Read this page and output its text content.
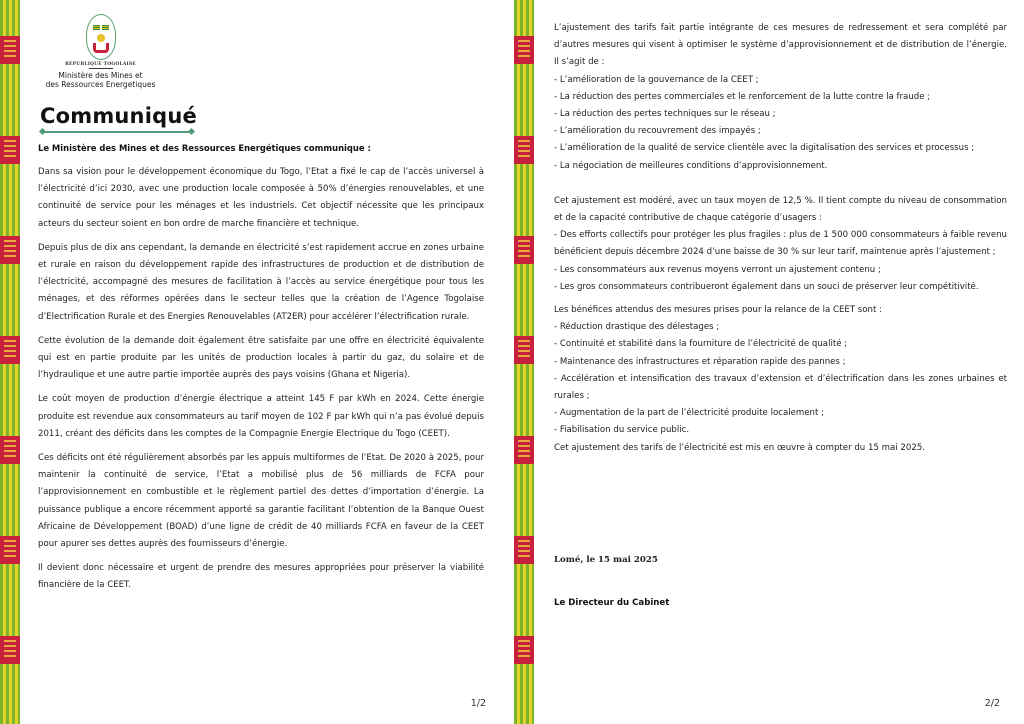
RÉPUBLIQUE TOGOLAISE
Ministère des Mines et
des Ressources Energetiques
Communiqué
Le Ministère des Mines et des Ressources Energétiques communique :

Dans sa vision pour le développement économique du Togo, l’Etat a fixé le cap de l’accès universel à l’électricité d’ici 2030, avec une production locale composée à 50% d’énergies renouvelables, et une continuité de service pour les ménages et les industriels. Cet objectif nécessite que les principaux acteurs du secteur soient en bon ordre de marche financière et technique.

Depuis plus de dix ans cependant, la demande en électricité s’est rapidement accrue en zones urbaine et rurale en raison du développement rapide des infrastructures de production et de distribution de l’électricité, accompagné des mesures de facilitation à l’accès au service énergétique pour tous les ménages, et des réformes opérées dans le secteur telles que la création de l’Agence Togolaise d’Electrification Rurale et des Energies Renouvelables (AT2ER) pour accélérer l’électrification rurale.

Cette évolution de la demande doit également être satisfaite par une offre en électricité équivalente qui est en partie produite par les unités de production locales à partir du gaz, du solaire et de l’hydraulique et une autre partie importée auprès des pays voisins (Ghana et Nigeria).

Le coût moyen de production d’énergie électrique a atteint 145 F par kWh en 2024. Cette énergie produite est revendue aux consommateurs au tarif moyen de 102 F par kWh qui n’a pas évolué depuis 2011, créant des déficits dans les comptes de la Compagnie Energie Electrique du Togo (CEET).

Ces déficits ont été régulièrement absorbés par les appuis multiformes de l’Etat. De 2020 à 2025, pour maintenir la continuité de service, l’Etat a mobilisé plus de 56 milliards de FCFA pour l’approvisionnement en combustible et le règlement partiel des dettes d’importation d’énergie. La puissance publique a encore récemment apporté sa garantie facilitant l’obtention de la Banque Ouest Africaine de Développement (BOAD) d’une ligne de crédit de 40 milliards FCFA en faveur de la CEET pour apurer ses dettes auprès des fournisseurs d’énergie.

Il devient donc nécessaire et urgent de prendre des mesures appropriées pour préserver la viabilité financière de la CEET.

1/2

L’ajustement des tarifs fait partie intégrante de ces mesures de redressement et sera complété par d’autres mesures qui visent à optimiser le système d’approvisionnement et de distribution de l’énergie. Il s’agit de :

- L’amélioration de la gouvernance de la CEET ;
- La réduction des pertes commerciales et le renforcement de la lutte contre la fraude ;
- La réduction des pertes techniques sur le réseau ;
- L’amélioration du recouvrement des impayés ;
- L’amélioration de la qualité de service clientèle avec la digitalisation des services et processus ;
- La négociation de meilleures conditions d’approvisionnement.

Cet ajustement est modéré, avec un taux moyen de 12,5 %. Il tient compte du niveau de consommation et de la capacité contributive de chaque catégorie d’usagers :

- Des efforts collectifs pour protéger les plus fragiles : plus de 1 500 000 consommateurs à faible revenu bénéficient depuis décembre 2024 d’une baisse de 30 % sur leur tarif, maintenue après l’ajustement ;
- Les consommateurs aux revenus moyens verront un ajustement contenu ;
- Les gros consommateurs contribueront également dans un souci de préserver leur compétitivité.

Les bénéfices attendus des mesures prises pour la relance de la CEET sont :

- Réduction drastique des délestages ;
- Continuité et stabilité dans la fourniture de l’électricité de qualité ;
- Maintenance des infrastructures et réparation rapide des pannes ;
- Accélération et intensification des travaux d’extension et d’électrification dans les zones urbaines et rurales ;
- Augmentation de la part de l’électricité produite localement ;
- Fiabilisation du service public.
Cet ajustement des tarifs de l’électricité est mis en œuvre à compter du 15 mai 2025.
Lomé, le 15 mai 2025
Le Directeur du Cabinet
2/2
